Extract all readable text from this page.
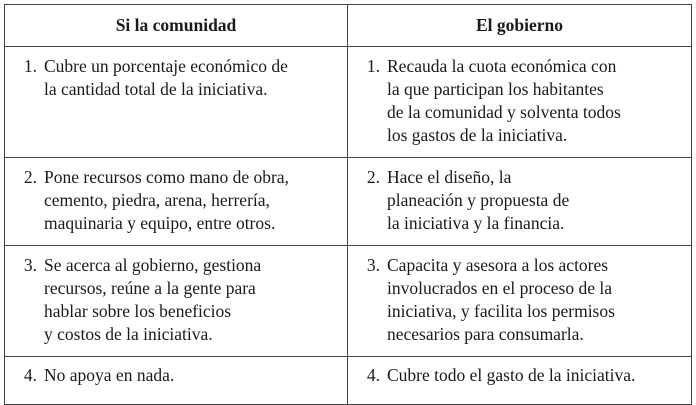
Si la comunidad	El gobierno

1. Cubre un porcentaje económico de
la cantidad total de la iniciativa.	1. Recauda la cuota económica con
la que participan los habitantes
de la comunidad y solventa todos
los gastos de la iniciativa.

2. Pone recursos como mano de obra,
cemento, piedra, arena, herrería,
maquinaria y equipo, entre otros.	2. Hace el diseño, la
planeación y propuesta de
la iniciativa y la financia.

3. Se acerca al gobierno, gestiona
recursos, reúne a la gente para
hablar sobre los beneficios
y costos de la iniciativa.	3. Capacita y asesora a los actores
involucrados en el proceso de la
iniciativa, y facilita los permisos
necesarios para consumarla.

4. No apoya en nada.	4. Cubre todo el gasto de la iniciativa.
